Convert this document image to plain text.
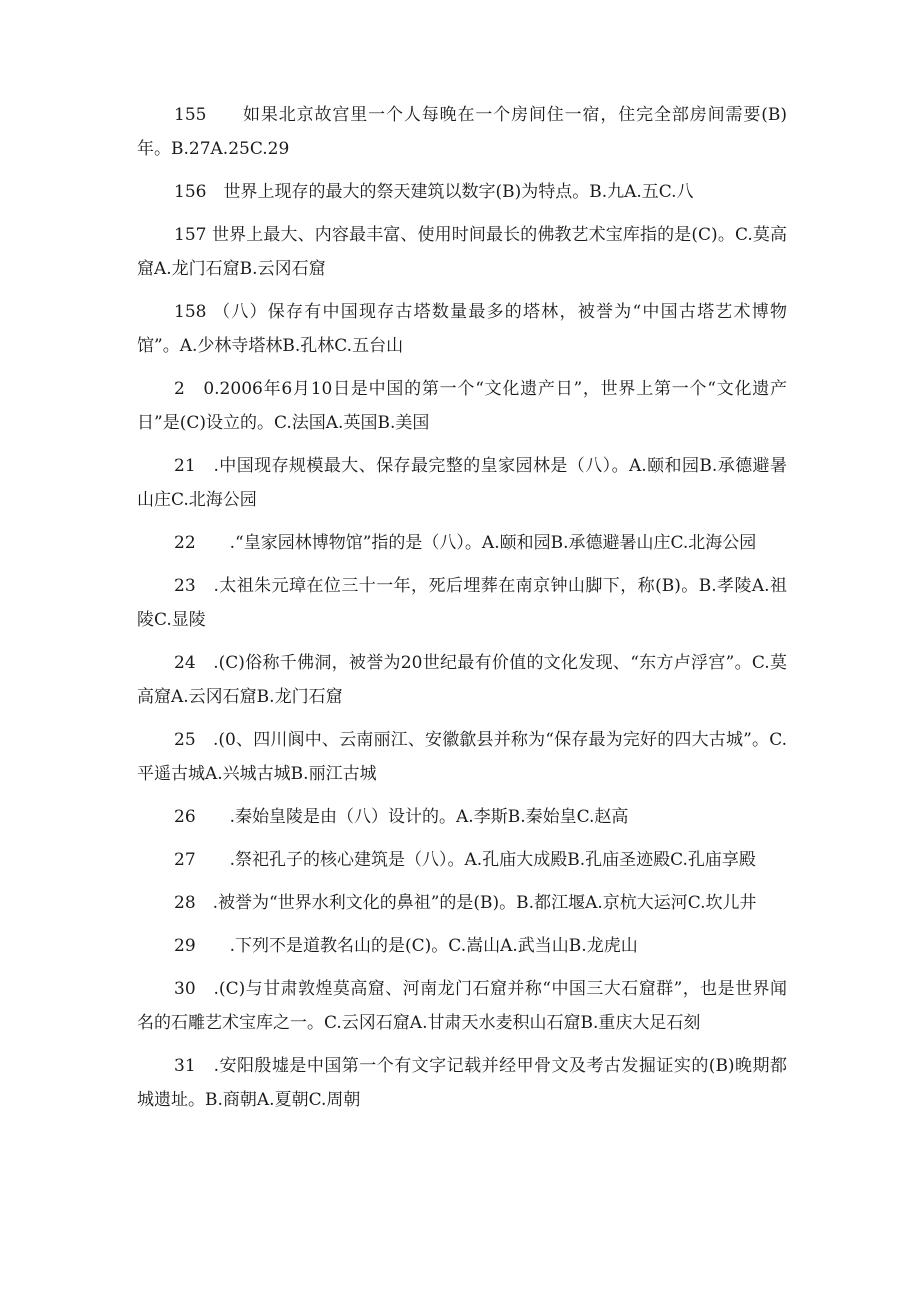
155　　如果北京故宫里一个人每晚在一个房间住一宿，住完全部房间需要(B)年。B.27A.25C.29

156　世界上现存的最大的祭天建筑以数字(B)为特点。B.九A.五C.八

157 世界上最大、内容最丰富、使用时间最长的佛教艺术宝库指的是(C)。C.莫高窟A.龙门石窟B.云冈石窟

158 （八）保存有中国现存古塔数量最多的塔林，被誉为“中国古塔艺术博物馆”。A.少林寺塔林B.孔林C.五台山

2　0.2006年6月10日是中国的第一个“文化遗产日”，世界上第一个“文化遗产日”是(C)设立的。C.法国A.英国B.美国

21　.中国现存规模最大、保存最完整的皇家园林是（八）。A.颐和园B.承德避暑山庄C.北海公园

22　　.“皇家园林博物馆”指的是（八）。A.颐和园B.承德避暑山庄C.北海公园

23　.太祖朱元璋在位三十一年，死后埋葬在南京钟山脚下，称(B)。B.孝陵A.祖陵C.显陵

24　.(C)俗称千佛洞，被誉为20世纪最有价值的文化发现、“东方卢浮宫”。C.莫高窟A.云冈石窟B.龙门石窟

25　.(0、四川阆中、云南丽江、安徽歙县并称为“保存最为完好的四大古城”。C.平遥古城A.兴城古城B.丽江古城

26　　.秦始皇陵是由（八）设计的。A.李斯B.秦始皇C.赵高

27　　.祭祀孔子的核心建筑是（八）。A.孔庙大成殿B.孔庙圣迹殿C.孔庙享殿

28　.被誉为“世界水利文化的鼻祖”的是(B)。B.都江堰A.京杭大运河C.坎儿井

29　　.下列不是道教名山的是(C)。C.嵩山A.武当山B.龙虎山

30　.(C)与甘肃敦煌莫高窟、河南龙门石窟并称“中国三大石窟群”，也是世界闻名的石雕艺术宝库之一。C.云冈石窟A.甘肃天水麦积山石窟B.重庆大足石刻

31　.安阳殷墟是中国第一个有文字记载并经甲骨文及考古发掘证实的(B)晚期都城遗址。B.商朝A.夏朝C.周朝
